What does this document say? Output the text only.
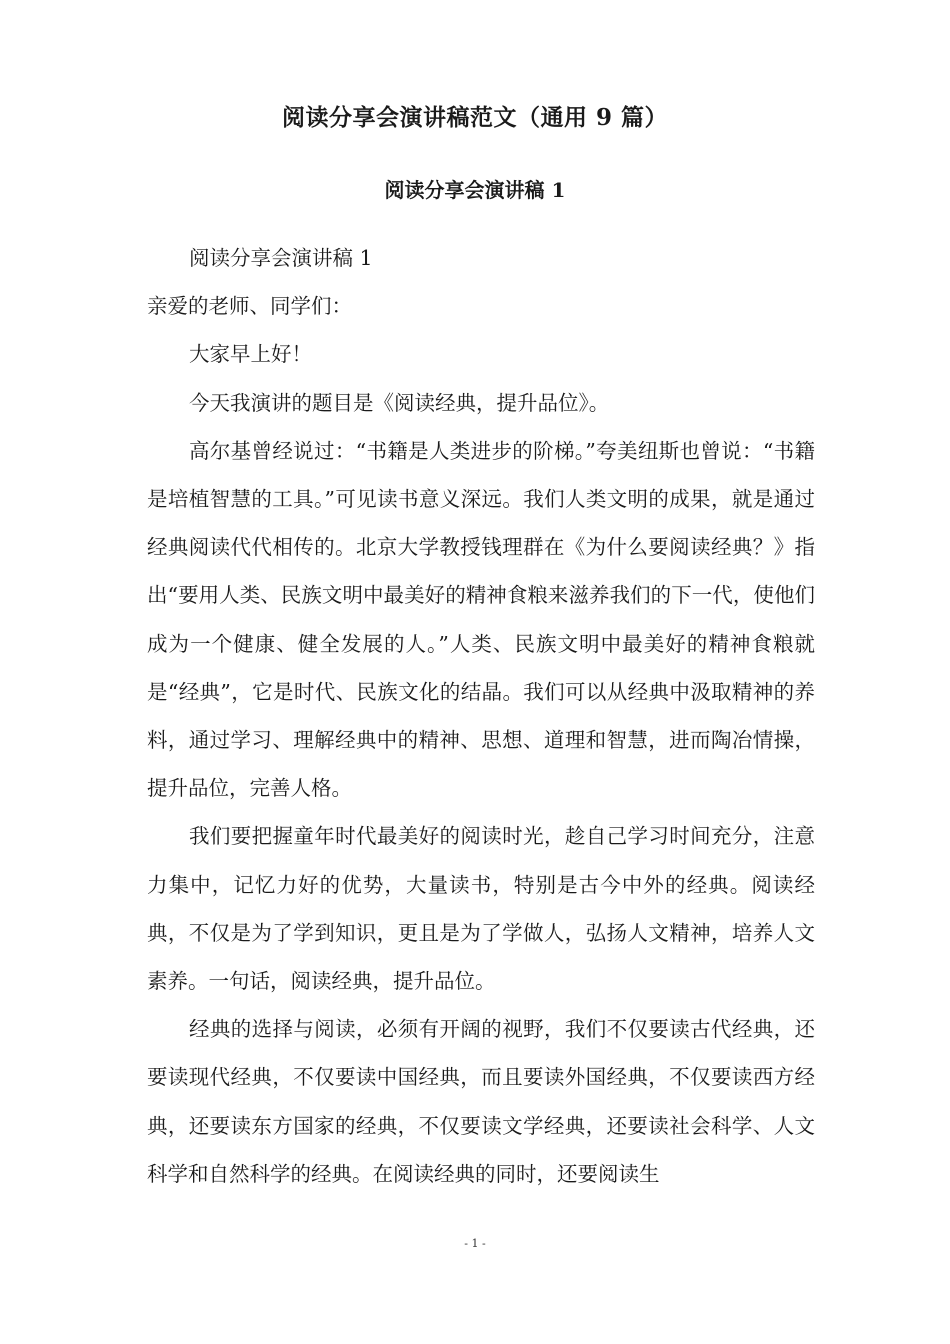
阅读分享会演讲稿范文（通用 9 篇）
阅读分享会演讲稿 1

阅读分享会演讲稿 1

亲爱的老师、同学们：

大家早上好！

今天我演讲的题目是《阅读经典，提升品位》。

高尔基曾经说过：“书籍是人类进步的阶梯。”夸美纽斯也曾说：“书籍是培植智慧的工具。”可见读书意义深远。我们人类文明的成果，就是通过经典阅读代代相传的。北京大学教授钱理群在《为什么要阅读经典？》指出“要用人类、民族文明中最美好的精神食粮来滋养我们的下一代，使他们成为一个健康、健全发展的人。”人类、民族文明中最美好的精神食粮就是“经典”，它是时代、民族文化的结晶。我们可以从经典中汲取精神的养料，通过学习、理解经典中的精神、思想、道理和智慧，进而陶冶情操，提升品位，完善人格。

我们要把握童年时代最美好的阅读时光，趁自己学习时间充分，注意力集中，记忆力好的优势，大量读书，特别是古今中外的经典。阅读经典，不仅是为了学到知识，更且是为了学做人，弘扬人文精神，培养人文素养。一句话，阅读经典，提升品位。

经典的选择与阅读，必须有开阔的视野，我们不仅要读古代经典，还要读现代经典，不仅要读中国经典，而且要读外国经典，不仅要读西方经典，还要读东方国家的经典，不仅要读文学经典，还要读社会科学、人文科学和自然科学的经典。在阅读经典的同时，还要阅读生

- 1 -
